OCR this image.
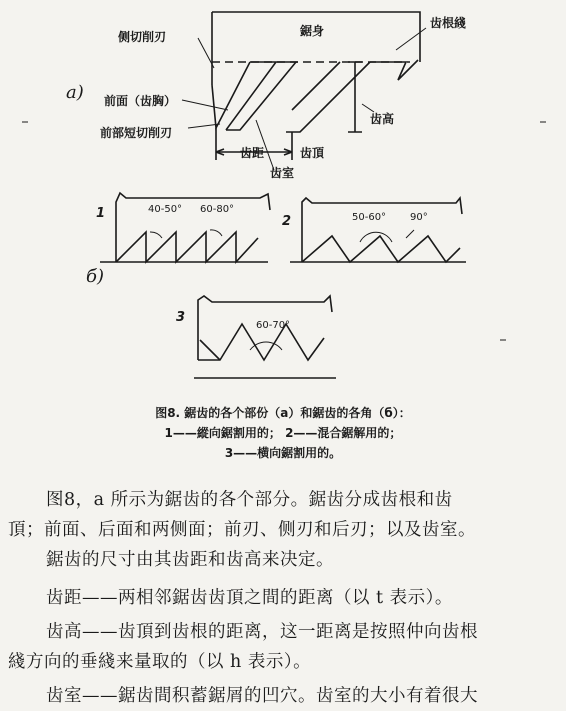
鋸身
齿根綫
侧切削刃
a) 前面（齿胸）
前部短切削刃
齿高
齿距	齿頂
齿室
1	40-50° 60-80°
2	50-60° 90°
б)
3
60-70°
图8. 鋸齿的各个部份（a）和鋸齿的各角（б）：
1——縱向鋸割用的； 2——混合鋸解用的；
3——横向鋸割用的。
图8，a 所示为鋸齿的各个部分。鋸齿分成齿根和齿
頂；前面、后面和两侧面；前刃、侧刃和后刃；以及齿室。
鋸齿的尺寸由其齿距和齿高来决定。
齿距——两相邻鋸齿齿頂之間的距离（以 t 表示）。
齿高——齿頂到齿根的距离，这一距离是按照仲向齿根
綫方向的垂綫来量取的（以 h 表示）。
齿室——鋸齿間积蓄鋸屑的凹穴。齿室的大小有着很大
